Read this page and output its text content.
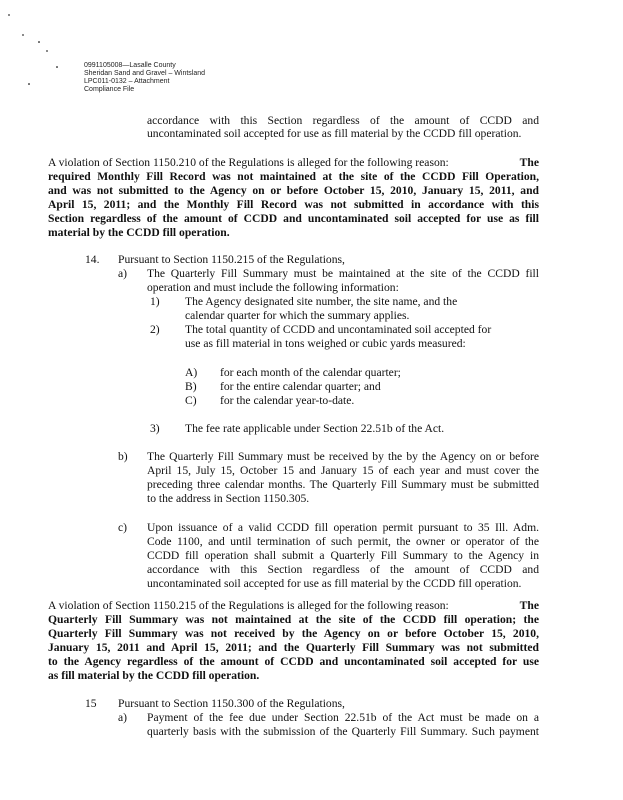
0991105008—Lasalle County
Sheridan Sand and Gravel – Wintsland
LPC011-0132 – Attachment
Compliance File
accordance with this Section regardless of the amount of CCDD and
uncontaminated soil accepted for use as fill material by the CCDD fill operation.
A violation of Section 1150.210 of the Regulations is alleged for the following reason:	The
required Monthly Fill Record was not maintained at the site of the CCDD Fill Operation,
and was not submitted to the Agency on or before October 15, 2010, January 15, 2011, and
April 15, 2011; and the Monthly Fill Record was not submitted in accordance with this
Section regardless of the amount of CCDD and uncontaminated soil accepted for use as fill
material by the CCDD fill operation.
14. Pursuant to Section 1150.215 of the Regulations,
a) The Quarterly Fill Summary must be maintained at the site of the CCDD fill
operation and must include the following information:
1) The Agency designated site number, the site name, and the
calendar quarter for which the summary applies.
2) The total quantity of CCDD and uncontaminated soil accepted for
use as fill material in tons weighed or cubic yards measured:
A) for each month of the calendar quarter;
B) for the entire calendar quarter; and
C) for the calendar year-to-date.
3) The fee rate applicable under Section 22.51b of the Act.
b) The Quarterly Fill Summary must be received by the by the Agency on or before
April 15, July 15, October 15 and January 15 of each year and must cover the
preceding three calendar months. The Quarterly Fill Summary must be submitted
to the address in Section 1150.305.
c) Upon issuance of a valid CCDD fill operation permit pursuant to 35 Ill. Adm.
Code 1100, and until termination of such permit, the owner or operator of the
CCDD fill operation shall submit a Quarterly Fill Summary to the Agency in
accordance with this Section regardless of the amount of CCDD and
uncontaminated soil accepted for use as fill material by the CCDD fill operation.
A violation of Section 1150.215 of the Regulations is alleged for the following reason:	The
Quarterly Fill Summary was not maintained at the site of the CCDD fill operation; the
Quarterly Fill Summary was not received by the Agency on or before October 15, 2010,
January 15, 2011 and April 15, 2011; and the Quarterly Fill Summary was not submitted
to the Agency regardless of the amount of CCDD and uncontaminated soil accepted for use
as fill material by the CCDD fill operation.
15 Pursuant to Section 1150.300 of the Regulations,
a) Payment of the fee due under Section 22.51b of the Act must be made on a
quarterly basis with the submission of the Quarterly Fill Summary. Such payment
